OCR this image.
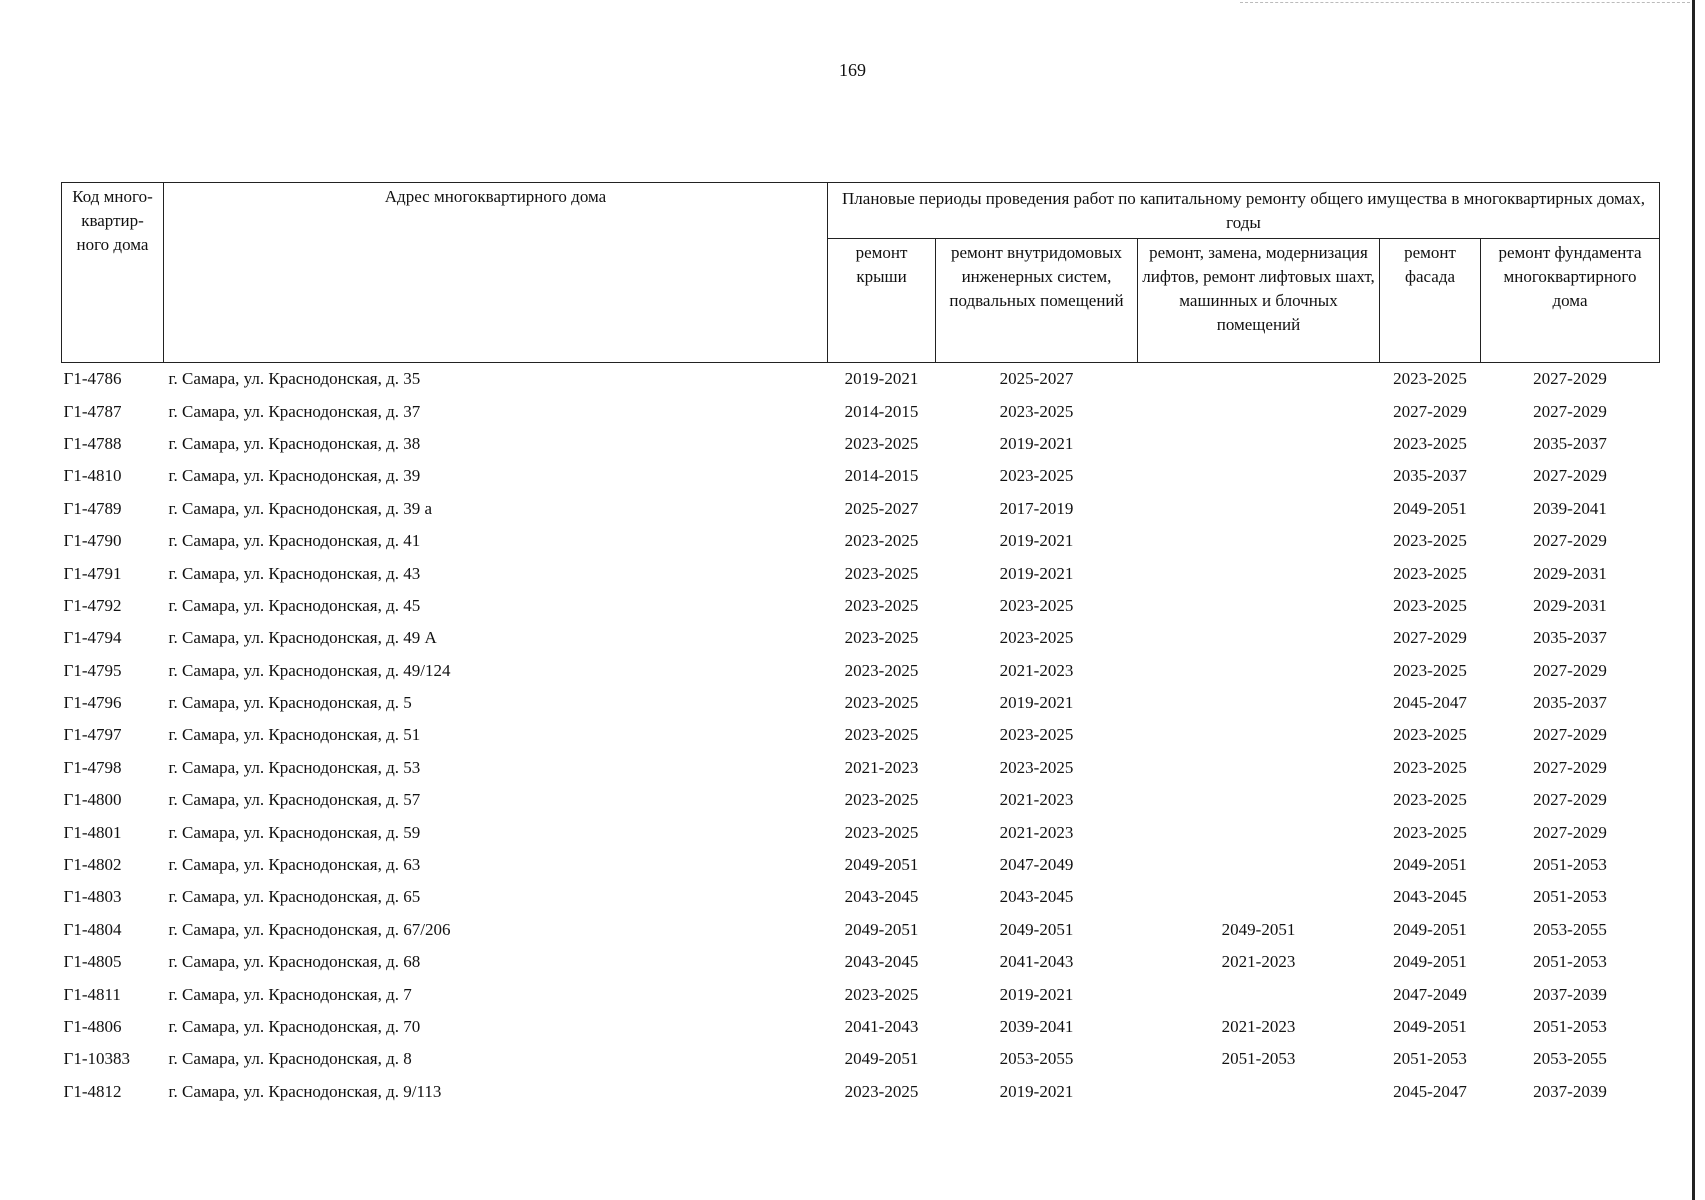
169
Код много-квартир-ного дома	Адрес многоквартирного дома	Плановые периоды проведения работ по капитальному ремонту общего имущества в многоквартирных домах, годы				
		ремонт крыши	ремонт внутридомовых инженерных систем, подвальных помещений	ремонт, замена, модернизация лифтов, ремонт лифтовых шахт, машинных и блочных помещений	ремонт фасада	ремонт фундамента многоквартирного дома
Г1-4786	г. Самара, ул. Краснодонская, д. 35	2019-2021	2025-2027		2023-2025	2027-2029
Г1-4787	г. Самара, ул. Краснодонская, д. 37	2014-2015	2023-2025		2027-2029	2027-2029
Г1-4788	г. Самара, ул. Краснодонская, д. 38	2023-2025	2019-2021		2023-2025	2035-2037
Г1-4810	г. Самара, ул. Краснодонская, д. 39	2014-2015	2023-2025		2035-2037	2027-2029
Г1-4789	г. Самара, ул. Краснодонская, д. 39 а	2025-2027	2017-2019		2049-2051	2039-2041
Г1-4790	г. Самара, ул. Краснодонская, д. 41	2023-2025	2019-2021		2023-2025	2027-2029
Г1-4791	г. Самара, ул. Краснодонская, д. 43	2023-2025	2019-2021		2023-2025	2029-2031
Г1-4792	г. Самара, ул. Краснодонская, д. 45	2023-2025	2023-2025		2023-2025	2029-2031
Г1-4794	г. Самара, ул. Краснодонская, д. 49 А	2023-2025	2023-2025		2027-2029	2035-2037
Г1-4795	г. Самара, ул. Краснодонская, д. 49/124	2023-2025	2021-2023		2023-2025	2027-2029
Г1-4796	г. Самара, ул. Краснодонская, д. 5	2023-2025	2019-2021		2045-2047	2035-2037
Г1-4797	г. Самара, ул. Краснодонская, д. 51	2023-2025	2023-2025		2023-2025	2027-2029
Г1-4798	г. Самара, ул. Краснодонская, д. 53	2021-2023	2023-2025		2023-2025	2027-2029
Г1-4800	г. Самара, ул. Краснодонская, д. 57	2023-2025	2021-2023		2023-2025	2027-2029
Г1-4801	г. Самара, ул. Краснодонская, д. 59	2023-2025	2021-2023		2023-2025	2027-2029
Г1-4802	г. Самара, ул. Краснодонская, д. 63	2049-2051	2047-2049		2049-2051	2051-2053
Г1-4803	г. Самара, ул. Краснодонская, д. 65	2043-2045	2043-2045		2043-2045	2051-2053
Г1-4804	г. Самара, ул. Краснодонская, д. 67/206	2049-2051	2049-2051	2049-2051	2049-2051	2053-2055
Г1-4805	г. Самара, ул. Краснодонская, д. 68	2043-2045	2041-2043	2021-2023	2049-2051	2051-2053
Г1-4811	г. Самара, ул. Краснодонская, д. 7	2023-2025	2019-2021		2047-2049	2037-2039
Г1-4806	г. Самара, ул. Краснодонская, д. 70	2041-2043	2039-2041	2021-2023	2049-2051	2051-2053
Г1-10383	г. Самара, ул. Краснодонская, д. 8	2049-2051	2053-2055	2051-2053	2051-2053	2053-2055
Г1-4812	г. Самара, ул. Краснодонская, д. 9/113	2023-2025	2019-2021		2045-2047	2037-2039
